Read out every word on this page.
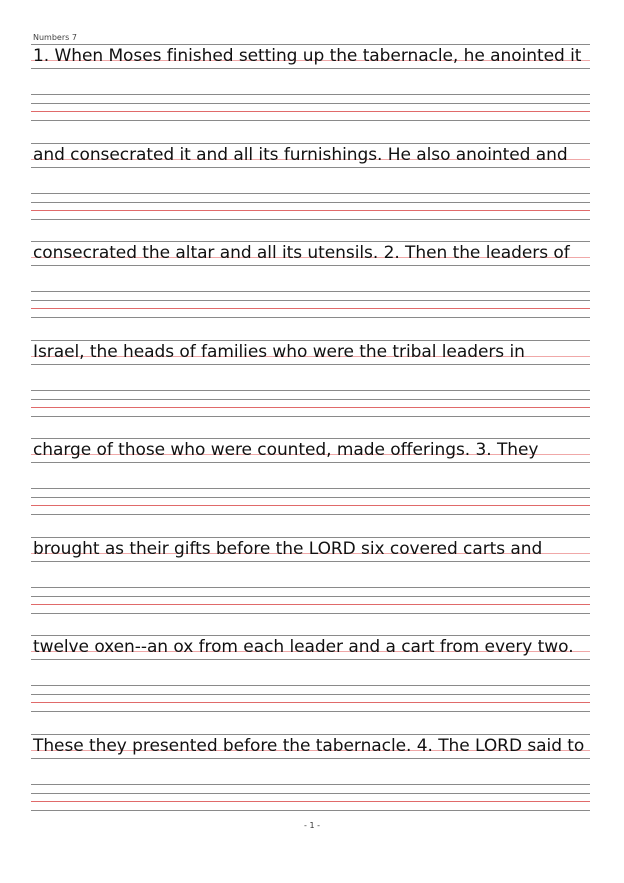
Numbers 7
1. When Moses finished setting up the tabernacle, he anointed it
and consecrated it and all its furnishings. He also anointed and
consecrated the altar and all its utensils. 2. Then the leaders of
Israel, the heads of families who were the tribal leaders in
charge of those who were counted, made offerings. 3. They
brought as their gifts before the LORD six covered carts and
twelve oxen--an ox from each leader and a cart from every two.
These they presented before the tabernacle. 4. The LORD said to
- 1 -
